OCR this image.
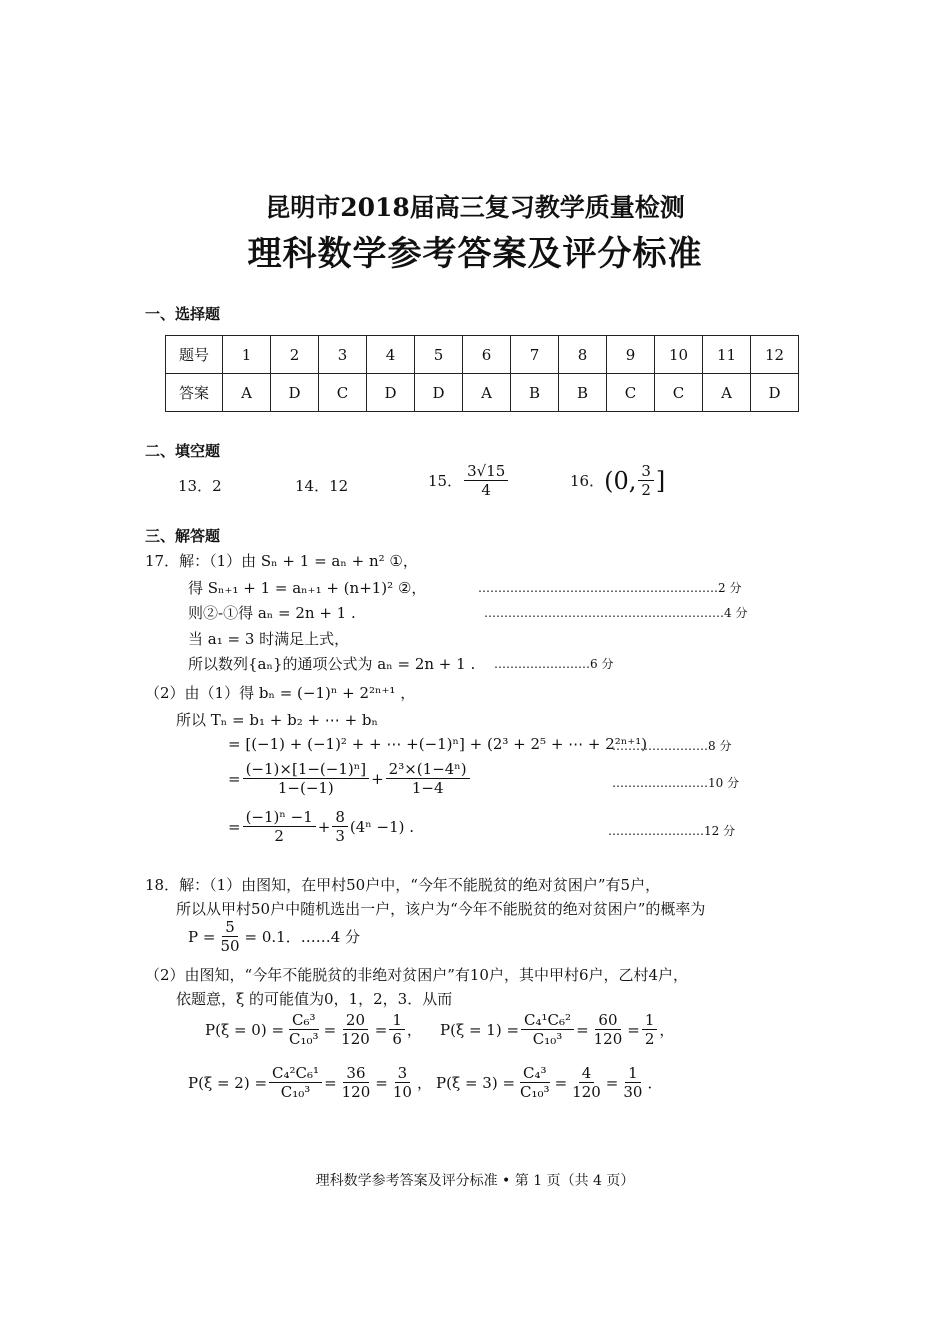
昆明市2018届高三复习教学质量检测
理科数学参考答案及评分标准
一、选择题
题号	1	2	3	4	5	6	7	8	9	10	11	12
答案	A	D	C	D	D	A	B	B	C	C	A	D
二、填空题
13．2	14．12	15． $\frac{3√15}{4}$	16． (0, $\frac{3}{2}$ ]
三、解答题
17．解：（1）由 Sₙ + 1 = aₙ + n² ①，
得 Sₙ₊₁ + 1 = aₙ₊₁ + (n+1)² ②，	……………………………………………………2 分
则②-①得 aₙ = 2n + 1 .	……………………………………………………4 分
当 a₁ = 3 时满足上式，
所以数列{aₙ}的通项公式为 aₙ = 2n + 1 . ……………………6 分
（2）由（1）得 bₙ = (−1)ⁿ + 2²ⁿ⁺¹ ，
所以 Tₙ = b₁ + b₂ + ⋯ + bₙ
= [(−1) + (−1)² + + ⋯ +(−1)ⁿ] + (2³ + 2⁵ + ⋯ + 2²ⁿ⁺¹)
……………………8 分
= $\frac{\text{(−1)×[1−(−1)ⁿ]}}{1-(-1)} + \frac{\text{2³×(1−4ⁿ)}}{1-4}$	……………………10 分
= $\frac{\text{(−1)ⁿ −1}}{2} + \frac{8}{3} (4^n -1)$ .	……………………12 分
18．解：（1）由图知，在甲村50户中，“今年不能脱贫的绝对贫困户”有5户，
所以从甲村50户中随机选出一户，该户为“今年不能脱贫的绝对贫困户”的概率为
$P = \frac{5}{50} = 0.1$．……4 分
（2）由图知，“今年不能脱贫的非绝对贫困户”有10户，其中甲村6户，乙村4户，
依题意，ξ 的可能值为0，1，2，3．从而
$P(\xi = 0) = \frac{\text{C₆³}}{\text{C₁₀³}} = \frac{20}{120} = \frac{1}{6}$ ， $P(\xi = 1) = \frac{\text{C₄¹C₆²}}{\text{C₁₀³}} = \frac{60}{120} = \frac{1}{2}$ ，
$P(\xi = 2) = \frac{\text{C₄²C₆¹}}{\text{C₁₀³}} = \frac{36}{120} = \frac{3}{10}$ ， $P(\xi = 3) = \frac{\text{C₄³}}{\text{C₁₀³}} = \frac{4}{120} = \frac{1}{30}$ ．
理科数学参考答案及评分标准 • 第 1 页（共 4 页）
